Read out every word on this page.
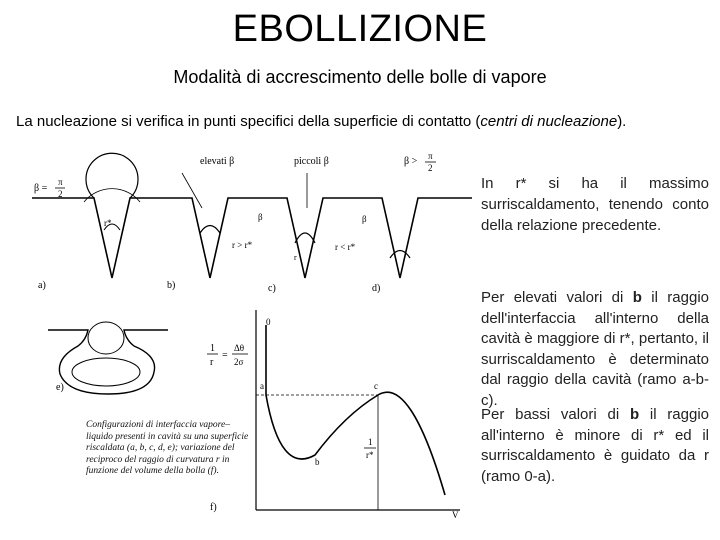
EBOLLIZIONE
Modalità di accrescimento delle bolle di vapore
La nucleazione si verifica in punti specifici della superficie di contatto (centri di nucleazione).
In r* si ha il massimo surriscaldamento, tenendo conto della relazione precedente.
Per elevati valori di b il raggio dell'interfaccia all'interno della cavità è maggiore di r*, pertanto, il surriscaldamento è determinato dal raggio della cavità (ramo a-b-c).
Per bassi valori di b il raggio all'interno è minore di r* ed il surriscaldamento è guidato da r (ramo 0-a).
elevati β	piccoli β	β > π
2
β =
π
2
r*
r > r*
β
r < r*
β
r
a)	b)	c)	d)
e)
1
r
=
Δθ
2σ
0
a
b
c
1
r*
f)
V
Configurazioni di interfaccia vapore–liquido presenti in cavità su una superficie riscaldata (a, b, c, d, e); variazione del reciproco del raggio di curvatura r in funzione del volume della bolla (f).
